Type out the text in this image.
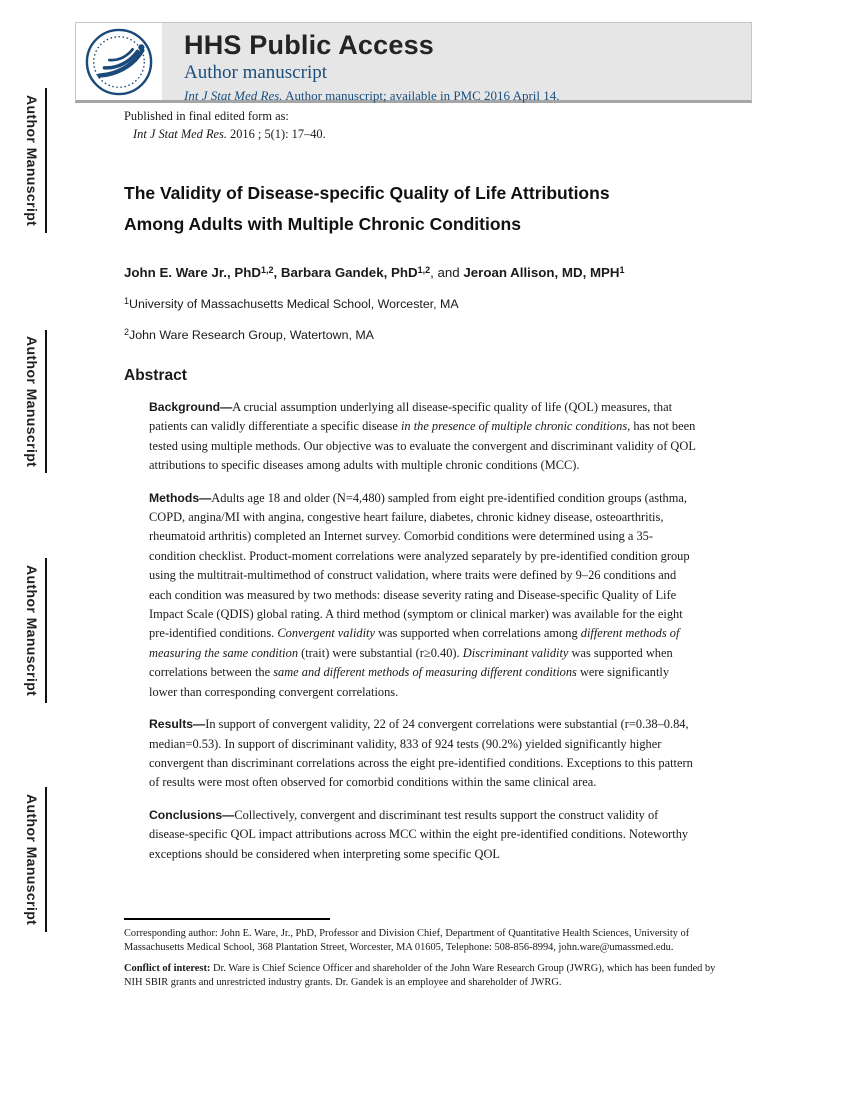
Author Manuscript
Author Manuscript
Author Manuscript
Author Manuscript
HHS Public Access
Author manuscript
Int J Stat Med Res. Author manuscript; available in PMC 2016 April 14.
Published in final edited form as:
Int J Stat Med Res. 2016 ; 5(1): 17–40.
The Validity of Disease-specific Quality of Life Attributions
Among Adults with Multiple Chronic Conditions
John E. Ware Jr., PhD$^{1,2}$, Barbara Gandek, PhD$^{1,2}$, and Jeroan Allison, MD, MPH$^1$
$^1$University of Massachusetts Medical School, Worcester, MA
$^2$John Ware Research Group, Watertown, MA
Abstract
Background—A crucial assumption underlying all disease-specific quality of life (QOL) measures, that patients can validly differentiate a specific disease in the presence of multiple chronic conditions, has not been tested using multiple methods. Our objective was to evaluate the convergent and discriminant validity of QOL attributions to specific diseases among adults with multiple chronic conditions (MCC).
Methods—Adults age 18 and older (N=4,480) sampled from eight pre-identified condition groups (asthma, COPD, angina/MI with angina, congestive heart failure, diabetes, chronic kidney disease, osteoarthritis, rheumatoid arthritis) completed an Internet survey. Comorbid conditions were determined using a 35-condition checklist. Product-moment correlations were analyzed separately by pre-identified condition group using the multitrait-multimethod of construct validation, where traits were defined by 9–26 conditions and each condition was measured by two methods: disease severity rating and Disease-specific Quality of Life Impact Scale (QDIS) global rating. A third method (symptom or clinical marker) was available for the eight pre-identified conditions. Convergent validity was supported when correlations among different methods of measuring the same condition (trait) were substantial (r≥0.40). Discriminant validity was supported when correlations between the same and different methods of measuring different conditions were significantly lower than corresponding convergent correlations.
Results—In support of convergent validity, 22 of 24 convergent correlations were substantial (r=0.38–0.84, median=0.53). In support of discriminant validity, 833 of 924 tests (90.2%) yielded significantly higher convergent than discriminant correlations across the eight pre-identified conditions. Exceptions to this pattern of results were most often observed for comorbid conditions within the same clinical area.
Conclusions—Collectively, convergent and discriminant test results support the construct validity of disease-specific QOL impact attributions across MCC within the eight pre-identified conditions. Noteworthy exceptions should be considered when interpreting some specific QOL
Corresponding author: John E. Ware, Jr., PhD, Professor and Division Chief, Department of Quantitative Health Sciences, University of Massachusetts Medical School, 368 Plantation Street, Worcester, MA 01605, Telephone: 508-856-8994, john.ware@umassmed.edu.
Conflict of interest: Dr. Ware is Chief Science Officer and shareholder of the John Ware Research Group (JWRG), which has been funded by NIH SBIR grants and unrestricted industry grants. Dr. Gandek is an employee and shareholder of JWRG.
